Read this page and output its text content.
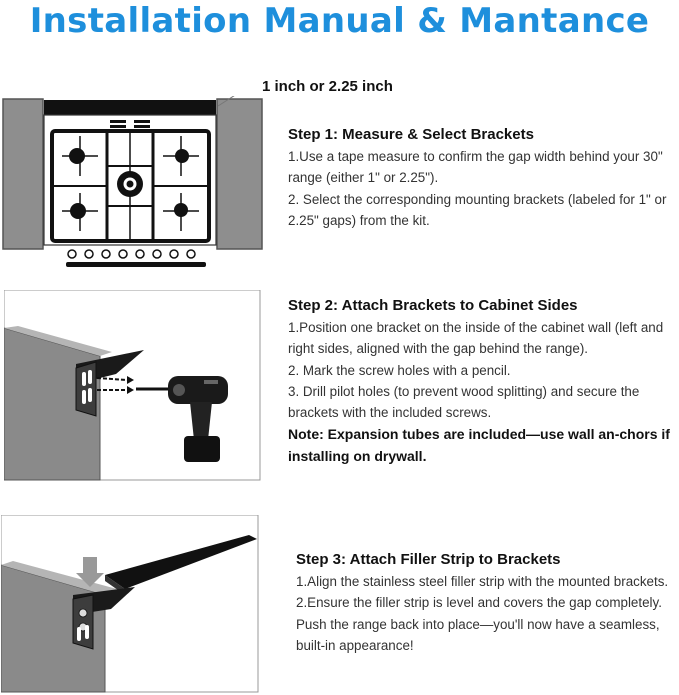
Installation Manual & Mantance
1 inch or 2.25 inch
Step 1: Measure & Select Brackets

1.Use a tape measure to confirm the gap width behind your 30" range (either 1" or 2.25").

2. Select the corresponding mounting brackets (labeled for 1" or 2.25" gaps) from the kit.

Step 2: Attach Brackets to Cabinet Sides

1.Position one bracket on the inside of the cabinet wall (left and right sides, aligned with the gap behind the range).

2. Mark the screw holes with a pencil.

3. Drill pilot holes (to prevent wood splitting) and secure the brackets with the included screws.

Note: Expansion tubes are included—use wall an-chors if installing on drywall.

Step 3: Attach Filler Strip to Brackets

1.Align the stainless steel filler strip with the mounted brackets.

2.Ensure the filler strip is level and covers the gap completely. Push the range back into place—you'll now have a seamless, built-in appearance!
